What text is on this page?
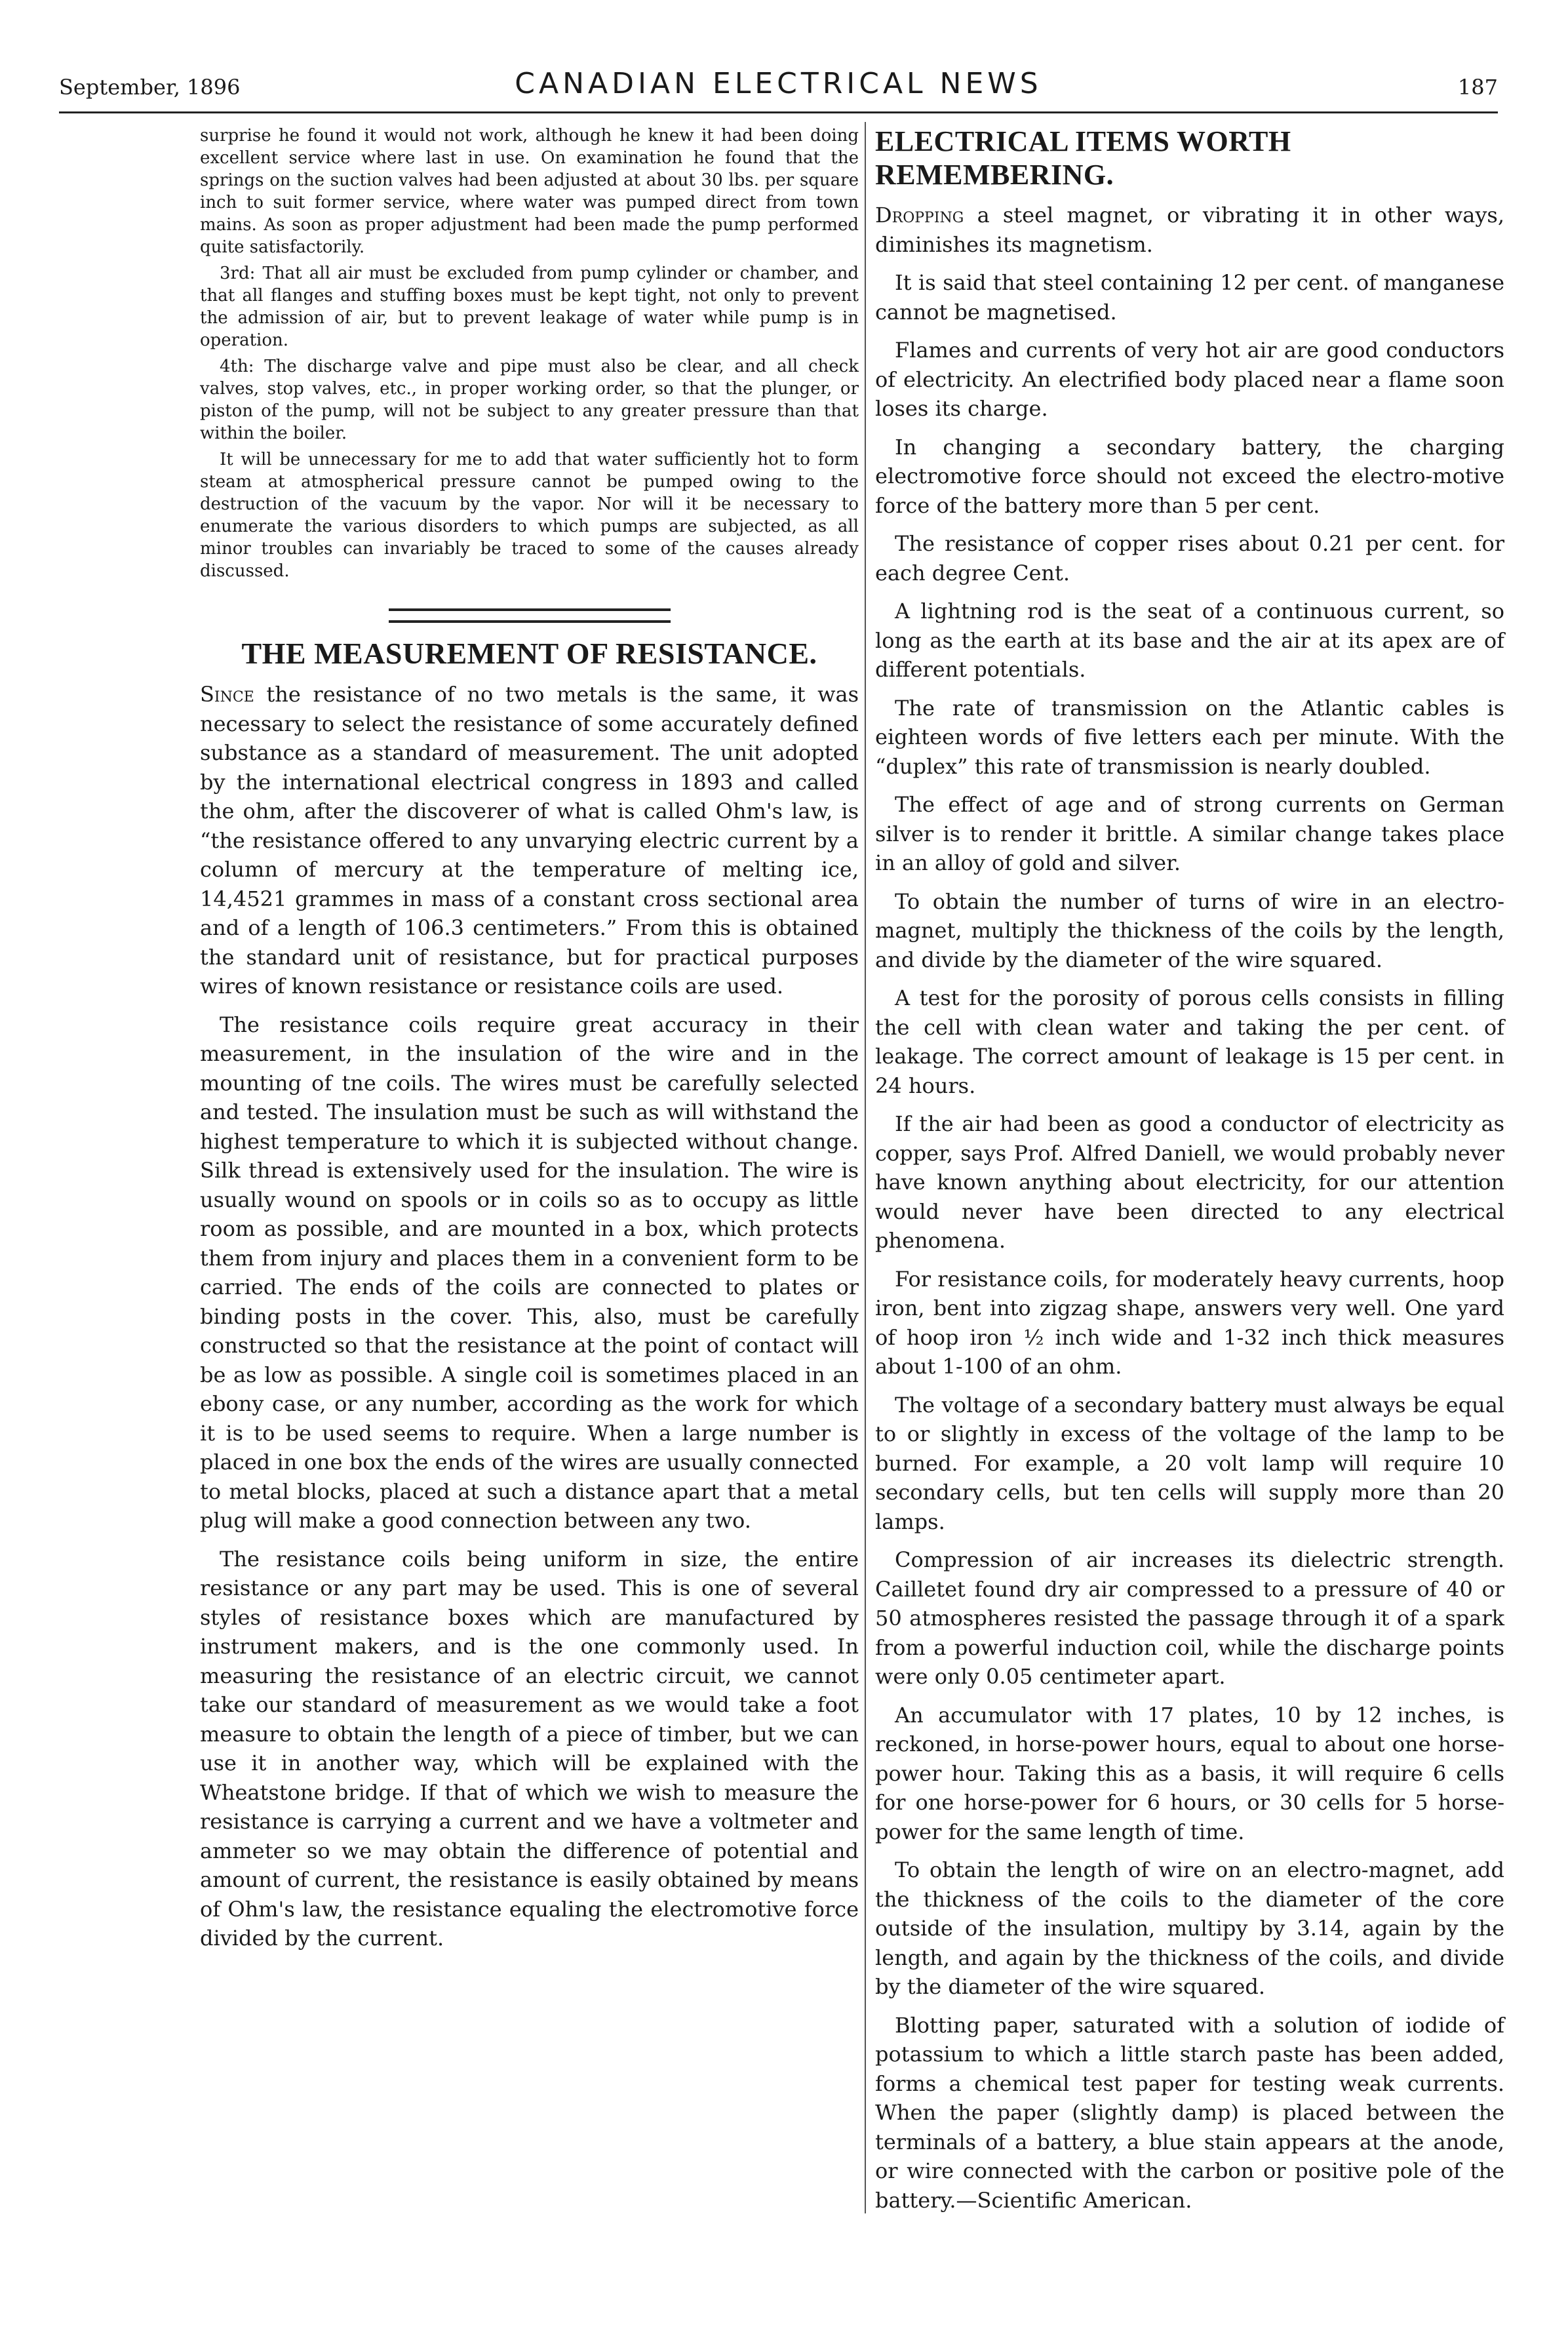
September, 1896	CANADIAN ELECTRICAL NEWS	187

surprise he found it would not work, although he knew it had been doing excellent service where last in use. On examination he found that the springs on the suction valves had been adjusted at about 30 lbs. per square inch to suit former service, where water was pumped direct from town mains. As soon as proper adjustment had been made the pump performed quite satisfactorily.

3rd: That all air must be excluded from pump cylinder or chamber, and that all flanges and stuffing boxes must be kept tight, not only to prevent the admission of air, but to prevent leakage of water while pump is in operation.

4th: The discharge valve and pipe must also be clear, and all check valves, stop valves, etc., in proper working order, so that the plunger, or piston of the pump, will not be subject to any greater pressure than that within the boiler.

It will be unnecessary for me to add that water sufficiently hot to form steam at atmospherical pressure cannot be pumped owing to the destruction of the vacuum by the vapor. Nor will it be necessary to enumerate the various disorders to which pumps are subjected, as all minor troubles can invariably be traced to some of the causes already discussed.

THE MEASUREMENT OF RESISTANCE.

Since the resistance of no two metals is the same, it was necessary to select the resistance of some accurately defined substance as a standard of measurement. The unit adopted by the international electrical congress in 1893 and called the ohm, after the discoverer of what is called Ohm's law, is “the resistance offered to any unvarying electric current by a column of mercury at the temperature of melting ice, 14,4521 grammes in mass of a constant cross sectional area and of a length of 106.3 centimeters.” From this is obtained the standard unit of resistance, but for practical purposes wires of known resistance or resistance coils are used.

The resistance coils require great accuracy in their measurement, in the insulation of the wire and in the mounting of tne coils. The wires must be carefully selected and tested. The insulation must be such as will withstand the highest temperature to which it is subjected without change. Silk thread is extensively used for the insulation. The wire is usually wound on spools or in coils so as to occupy as little room as possible, and are mounted in a box, which protects them from injury and places them in a convenient form to be carried. The ends of the coils are connected to plates or binding posts in the cover. This, also, must be carefully constructed so that the resistance at the point of contact will be as low as possible. A single coil is sometimes placed in an ebony case, or any number, according as the work for which it is to be used seems to require. When a large number is placed in one box the ends of the wires are usually connected to metal blocks, placed at such a distance apart that a metal plug will make a good connection between any two.

The resistance coils being uniform in size, the entire resistance or any part may be used. This is one of several styles of resistance boxes which are manufactured by instrument makers, and is the one commonly used. In measuring the resistance of an electric circuit, we cannot take our standard of measurement as we would take a foot measure to obtain the length of a piece of timber, but we can use it in another way, which will be explained with the Wheatstone bridge. If that of which we wish to measure the resistance is carrying a current and we have a voltmeter and ammeter so we may obtain the difference of potential and amount of current, the resistance is easily obtained by means of Ohm's law, the resistance equaling the electromotive force divided by the current.

ELECTRICAL ITEMS WORTH REMEMBERING.

Dropping a steel magnet, or vibrating it in other ways, diminishes its magnetism.

It is said that steel containing 12 per cent. of manganese cannot be magnetised.

Flames and currents of very hot air are good conductors of electricity. An electrified body placed near a flame soon loses its charge.

In changing a secondary battery, the charging electromotive force should not exceed the electro-motive force of the battery more than 5 per cent.

The resistance of copper rises about 0.21 per cent. for each degree Cent.

A lightning rod is the seat of a continuous current, so long as the earth at its base and the air at its apex are of different potentials.

The rate of transmission on the Atlantic cables is eighteen words of five letters each per minute. With the “duplex” this rate of transmission is nearly doubled.

The effect of age and of strong currents on German silver is to render it brittle. A similar change takes place in an alloy of gold and silver.

To obtain the number of turns of wire in an electro-magnet, multiply the thickness of the coils by the length, and divide by the diameter of the wire squared.

A test for the porosity of porous cells consists in filling the cell with clean water and taking the per cent. of leakage. The correct amount of leakage is 15 per cent. in 24 hours.

If the air had been as good a conductor of electricity as copper, says Prof. Alfred Daniell, we would probably never have known anything about electricity, for our attention would never have been directed to any electrical phenomena.

For resistance coils, for moderately heavy currents, hoop iron, bent into zigzag shape, answers very well. One yard of hoop iron ½ inch wide and 1-32 inch thick measures about 1-100 of an ohm.

The voltage of a secondary battery must always be equal to or slightly in excess of the voltage of the lamp to be burned. For example, a 20 volt lamp will require 10 secondary cells, but ten cells will supply more than 20 lamps.

Compression of air increases its dielectric strength. Cailletet found dry air compressed to a pressure of 40 or 50 atmospheres resisted the passage through it of a spark from a powerful induction coil, while the discharge points were only 0.05 centimeter apart.

An accumulator with 17 plates, 10 by 12 inches, is reckoned, in horse-power hours, equal to about one horse-power hour. Taking this as a basis, it will require 6 cells for one horse-power for 6 hours, or 30 cells for 5 horse-power for the same length of time.

To obtain the length of wire on an electro-magnet, add the thickness of the coils to the diameter of the core outside of the insulation, multipy by 3.14, again by the length, and again by the thickness of the coils, and divide by the diameter of the wire squared.

Blotting paper, saturated with a solution of iodide of potassium to which a little starch paste has been added, forms a chemical test paper for testing weak currents. When the paper (slightly damp) is placed between the terminals of a battery, a blue stain appears at the anode, or wire connected with the carbon or positive pole of the battery.—Scientific American.
